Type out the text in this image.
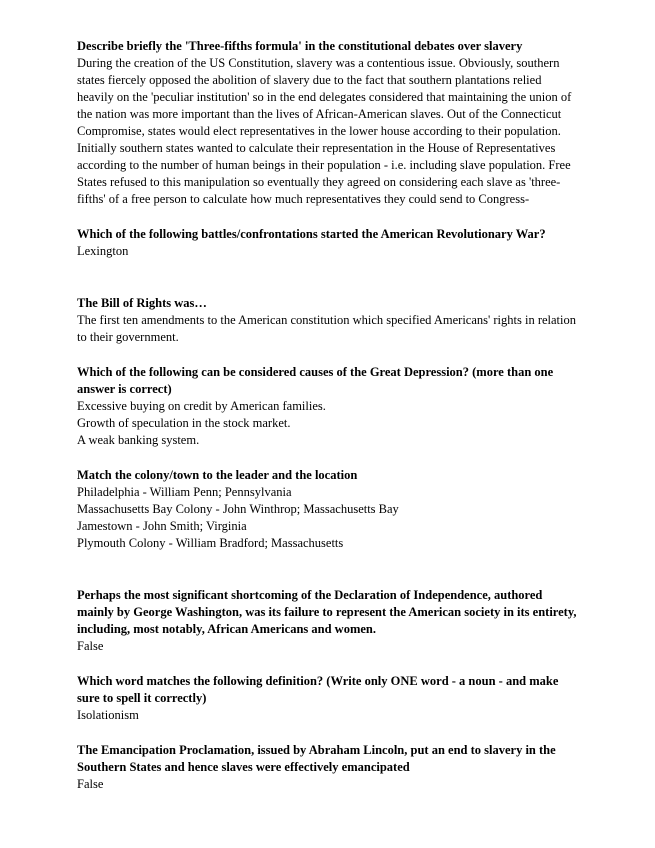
Describe briefly the 'Three-fifths formula' in the constitutional debates over slavery

During the creation of the US Constitution, slavery was a contentious issue. Obviously, southern states fiercely opposed the abolition of slavery due to the fact that southern plantations relied heavily on the 'peculiar institution' so in the end delegates considered that maintaining the union of the nation was more important than the lives of African-American slaves. Out of the Connecticut Compromise, states would elect representatives in the lower house according to their population. Initially southern states wanted to calculate their representation in the House of Representatives according to the number of human beings in their population - i.e. including slave population. Free States refused to this manipulation so eventually they agreed on considering each slave as 'three-fifths' of a free person to calculate how much representatives they could send to Congress-

Which of the following battles/confrontations started the American Revolutionary War?

Lexington

The Bill of Rights was…

The first ten amendments to the American constitution which specified Americans' rights in relation to their government.

Which of the following can be considered causes of the Great Depression? (more than one answer is correct)

Excessive buying on credit by American families.
Growth of speculation in the stock market.
A weak banking system.

Match the colony/town to the leader and the location

Philadelphia - William Penn; Pennsylvania
Massachusetts Bay Colony - John Winthrop; Massachusetts Bay
Jamestown - John Smith; Virginia
Plymouth Colony - William Bradford; Massachusetts

Perhaps the most significant shortcoming of the Declaration of Independence, authored mainly by George Washington, was its failure to represent the American society in its entirety, including, most notably, African Americans and women.

False

Which word matches the following definition? (Write only ONE word - a noun - and make sure to spell it correctly)

Isolationism

The Emancipation Proclamation, issued by Abraham Lincoln, put an end to slavery in the Southern States and hence slaves were effectively emancipated

False
